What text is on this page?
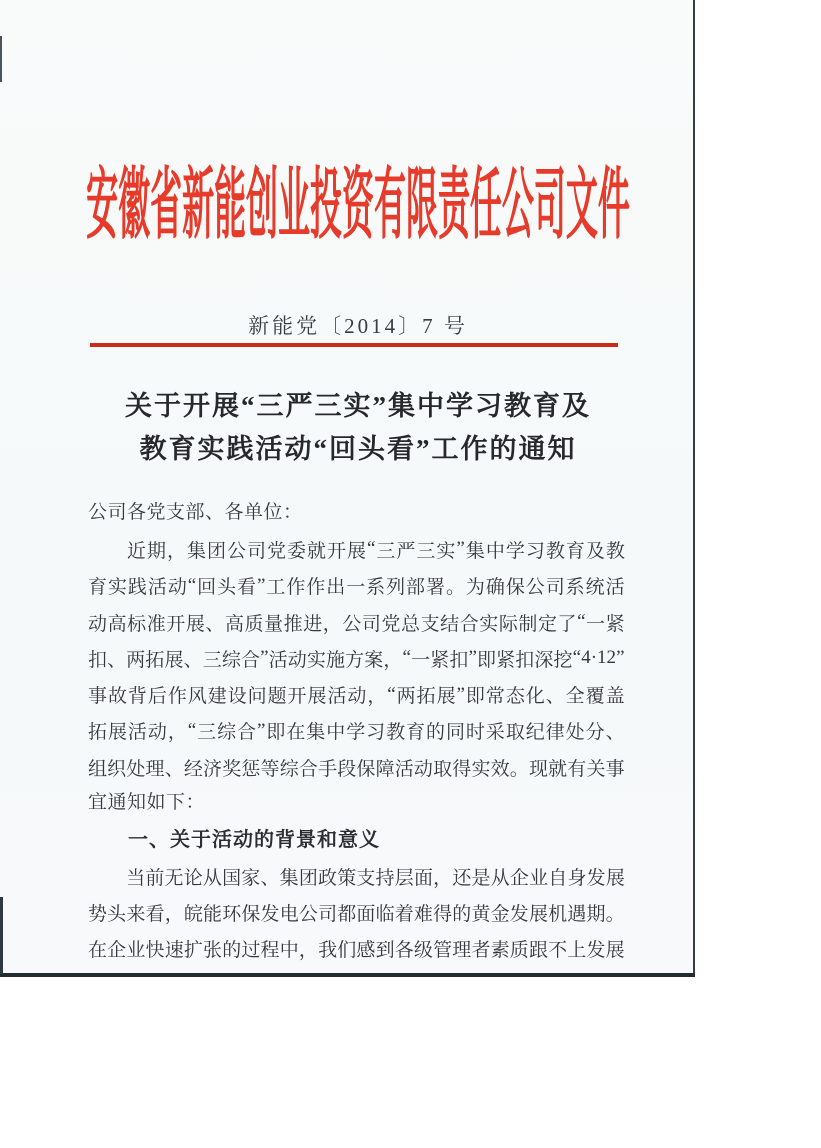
安徽省新能创业投资有限责任公司文件
新能党〔2014〕7 号
关于开展“三严三实”集中学习教育及
教育实践活动“回头看”工作的通知
公司各党支部、各单位：
近 期 ， 集 团 公 司 党 委 就 开 展 “ 三 严 三 实 ” 集 中 学 习 教 育 及 教
育 实 践 活 动 “ 回 头 看 ” 工 作 作 出 一 系 列 部 署 。 为 确 保 公 司 系 统 活
动 高 标 准 开 展 、 高 质 量 推 进 ， 公 司 党 总 支 结 合 实 际 制 定 了 “ 一 紧
扣 、 两 拓 展 、 三 综 合 ” 活 动 实 施 方 案 ， “ 一 紧 扣 ” 即 紧 扣 深 挖 “ 4·12 ”
事 故 背 后 作 风 建 设 问 题 开 展 活 动 ， “ 两 拓 展 ” 即 常 态 化 、 全 覆 盖
拓 展 活 动 ， “ 三 综 合 ” 即 在 集 中 学 习 教 育 的 同 时 采 取 纪 律 处 分 、
组 织 处 理 、 经 济 奖 惩 等 综 合 手 段 保 障 活 动 取 得 实 效 。 现 就 有 关 事
宜通知如下：
一、关于活动的背景和意义
当 前 无 论 从 国 家 、 集 团 政 策 支 持 层 面 ， 还 是 从 企 业 自 身 发 展
势 头 来 看 ， 皖 能 环 保 发 电 公 司 都 面 临 着 难 得 的 黄 金 发 展 机 遇 期 。
在 企 业 快 速 扩 张 的 过 程 中 ， 我 们 感 到 各 级 管 理 者 素 质 跟 不 上 发 展
